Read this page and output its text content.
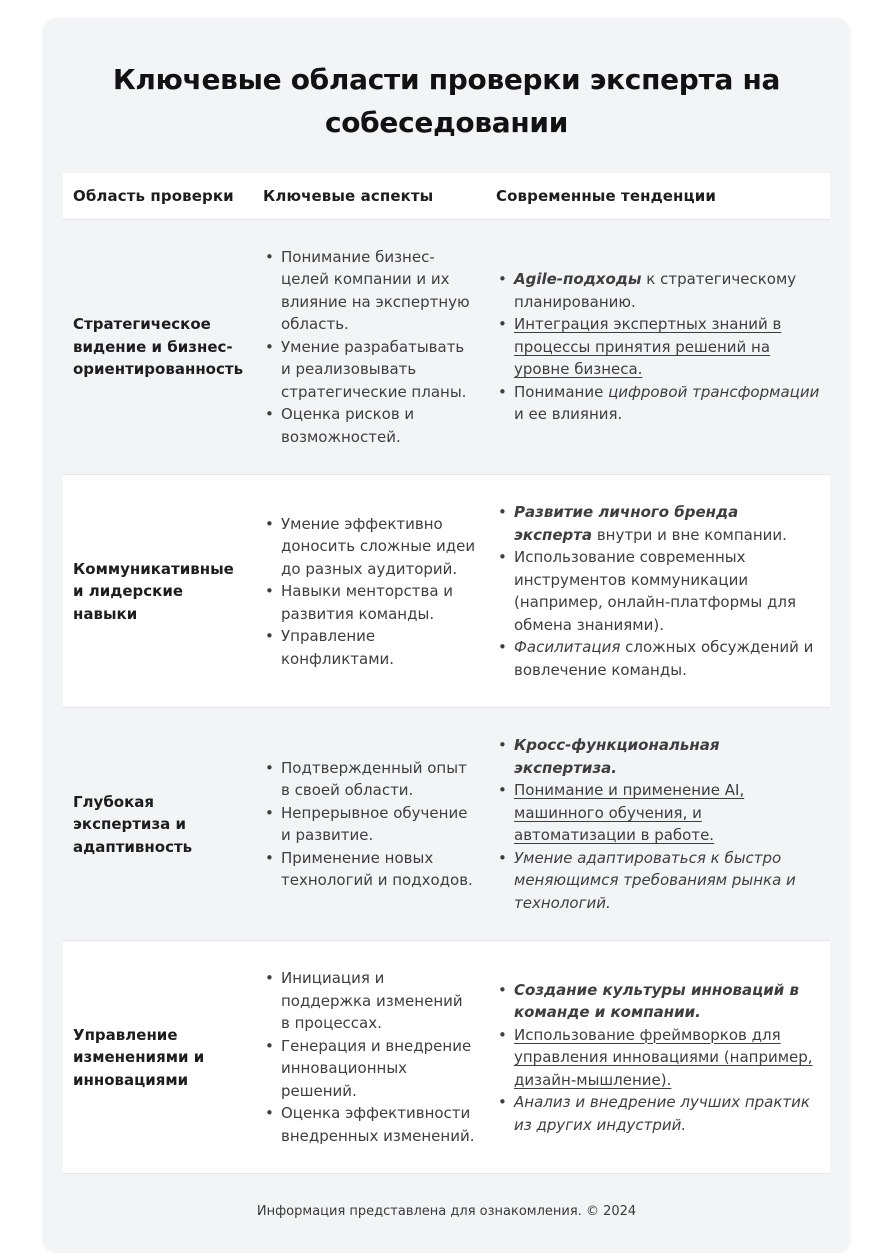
Ключевые области проверки эксперта на собеседовании
Область проверки	Ключевые аспекты	Современные тенденции
Стратегическое видение и бизнес-ориентированность
• Понимание бизнес-целей компании и их влияние на экспертную область.
• Умение разрабатывать и реализовывать стратегические планы.
• Оценка рисков и возможностей.
• Agile-подходы к стратегическому планированию.
• Интеграция экспертных знаний в процессы принятия решений на уровне бизнеса.
• Понимание цифровой трансформации и ее влияния.
Коммуникативные и лидерские навыки
• Умение эффективно доносить сложные идеи до разных аудиторий.
• Навыки менторства и развития команды.
• Управление конфликтами.
• Развитие личного бренда эксперта внутри и вне компании.
• Использование современных инструментов коммуникации (например, онлайн-платформы для обмена знаниями).
• Фасилитация сложных обсуждений и вовлечение команды.
Глубокая экспертиза и адаптивность
• Подтвержденный опыт в своей области.
• Непрерывное обучение и развитие.
• Применение новых технологий и подходов.
• Кросс-функциональная экспертиза.
• Понимание и применение AI, машинного обучения, и автоматизации в работе.
• Умение адаптироваться к быстро меняющимся требованиям рынка и технологий.
Управление изменениями и инновациями
• Инициация и поддержка изменений в процессах.
• Генерация и внедрение инновационных решений.
• Оценка эффективности внедренных изменений.
• Создание культуры инноваций в команде и компании.
• Использование фреймворков для управления инновациями (например, дизайн-мышление).
• Анализ и внедрение лучших практик из других индустрий.
Информация представлена для ознакомления. © 2024
